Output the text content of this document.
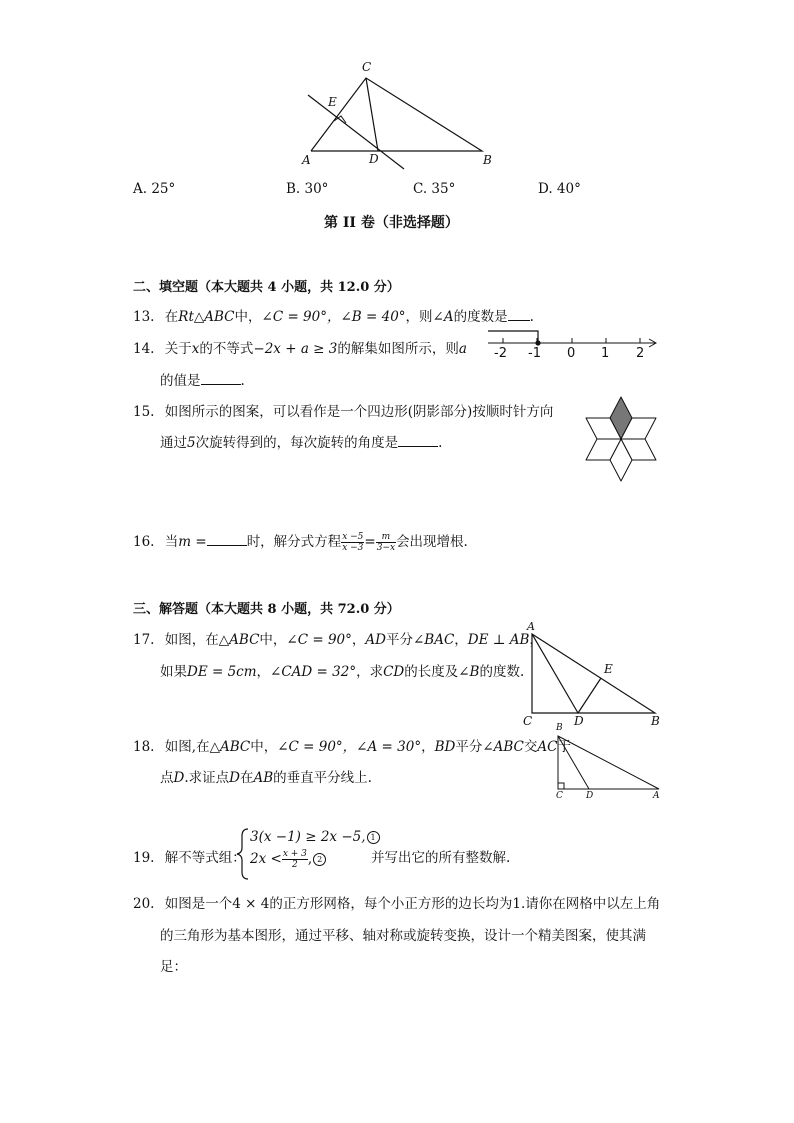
C
E
A	D	B
A. 25°	B. 30°	C. 35°	D. 40°
第 II 卷（非选择题）
二、填空题（本大题共 4 小题，共 12.0 分）
13. 在Rt△ABC中，∠C = 90°，∠B = 40°，则∠A的度数是 .
14. 关于x的不等式−2x + a ≥ 3的解集如图所示，则a
的值是	.
-2 -1 0 1 2
15. 如图所示的图案，可以看作是一个四边形(阴影部分)按顺时针方向
通过5次旋转得到的，每次旋转的角度是	.
16. 当m =	时，解分式方程 $\frac{x -5}{x -3} = \frac{m}{3-x}$ 会出现增根.
三、解答题（本大题共 8 小题，共 72.0 分）
17. 如图，在△ABC中，∠C = 90°，AD平分∠BAC，DE ⊥ AB，
如果DE = 5cm，∠CAD = 32°，求CD的长度及∠B的度数.
A
E
C	D	B
18. 如图,在△ABC中，∠C = 90°，∠A = 30°，BD平分∠ABC交AC于
点D.求证点D在AB的垂直平分线上.
B
C	D	A
19. 解不等式组：
3(x −1) ≥ 2x −5, 1
$2x < \frac{x + 3}{2}$ , 2	并写出它的所有整数解.
20. 如图是一个4 × 4的正方形网格，每个小正方形的边长均为1.请你在网格中以左上角
的三角形为基本图形，通过平移、轴对称或旋转变换，设计一个精美图案，使其满
足：
